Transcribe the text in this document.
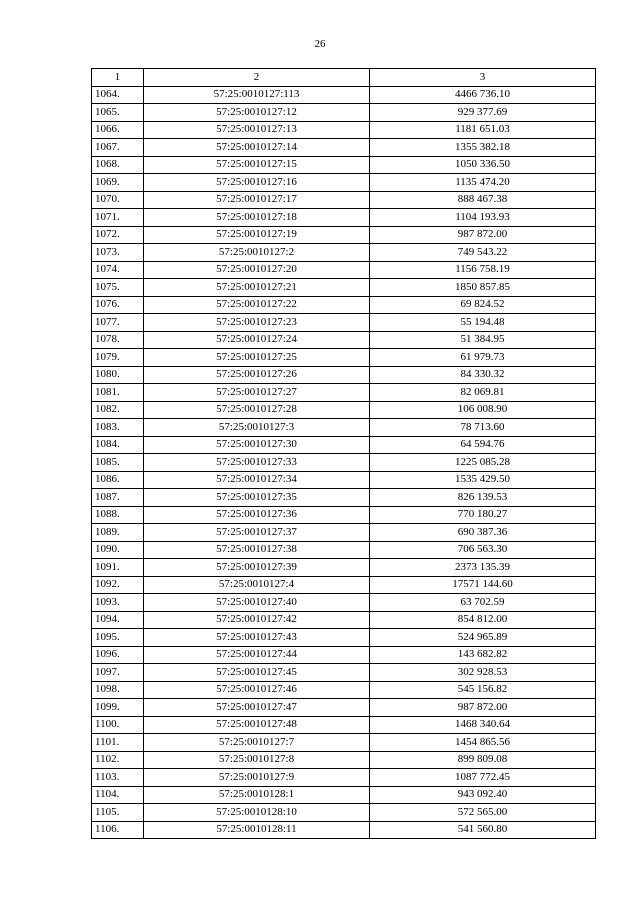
26
1	2	3
1064.	57:25:0010127:113	4466 736.10
1065.	57:25:0010127:12	929 377.69
1066.	57:25:0010127:13	1181 651.03
1067.	57:25:0010127:14	1355 382.18
1068.	57:25:0010127:15	1050 336.50
1069.	57:25:0010127:16	1135 474.20
1070.	57:25:0010127:17	888 467.38
1071.	57:25:0010127:18	1104 193.93
1072.	57:25:0010127:19	987 872.00
1073.	57:25:0010127:2	749 543.22
1074.	57:25:0010127:20	1156 758.19
1075.	57:25:0010127:21	1850 857.85
1076.	57:25:0010127:22	69 824.52
1077.	57:25:0010127:23	55 194.48
1078.	57:25:0010127:24	51 384.95
1079.	57:25:0010127:25	61 979.73
1080.	57:25:0010127:26	84 330.32
1081.	57:25:0010127:27	82 069.81
1082.	57:25:0010127:28	106 008.90
1083.	57:25:0010127:3	78 713.60
1084.	57:25:0010127:30	64 594.76
1085.	57:25:0010127:33	1225 085.28
1086.	57:25:0010127:34	1535 429.50
1087.	57:25:0010127:35	826 139.53
1088.	57:25:0010127:36	770 180.27
1089.	57:25:0010127:37	690 387.36
1090.	57:25:0010127:38	706 563.30
1091.	57:25:0010127:39	2373 135.39
1092.	57:25:0010127:4	17571 144.60
1093.	57:25:0010127:40	63 702.59
1094.	57:25:0010127:42	854 812.00
1095.	57:25:0010127:43	524 965.89
1096.	57:25:0010127:44	143 682.82
1097.	57:25:0010127:45	302 928.53
1098.	57:25:0010127:46	545 156.82
1099.	57:25:0010127:47	987 872.00
1100.	57:25:0010127:48	1468 340.64
1101.	57:25:0010127:7	1454 865.56
1102.	57:25:0010127:8	899 809.08
1103.	57:25:0010127:9	1087 772.45
1104.	57:25:0010128:1	943 092.40
1105.	57:25:0010128:10	572 565.00
1106.	57:25:0010128:11	541 560.80
